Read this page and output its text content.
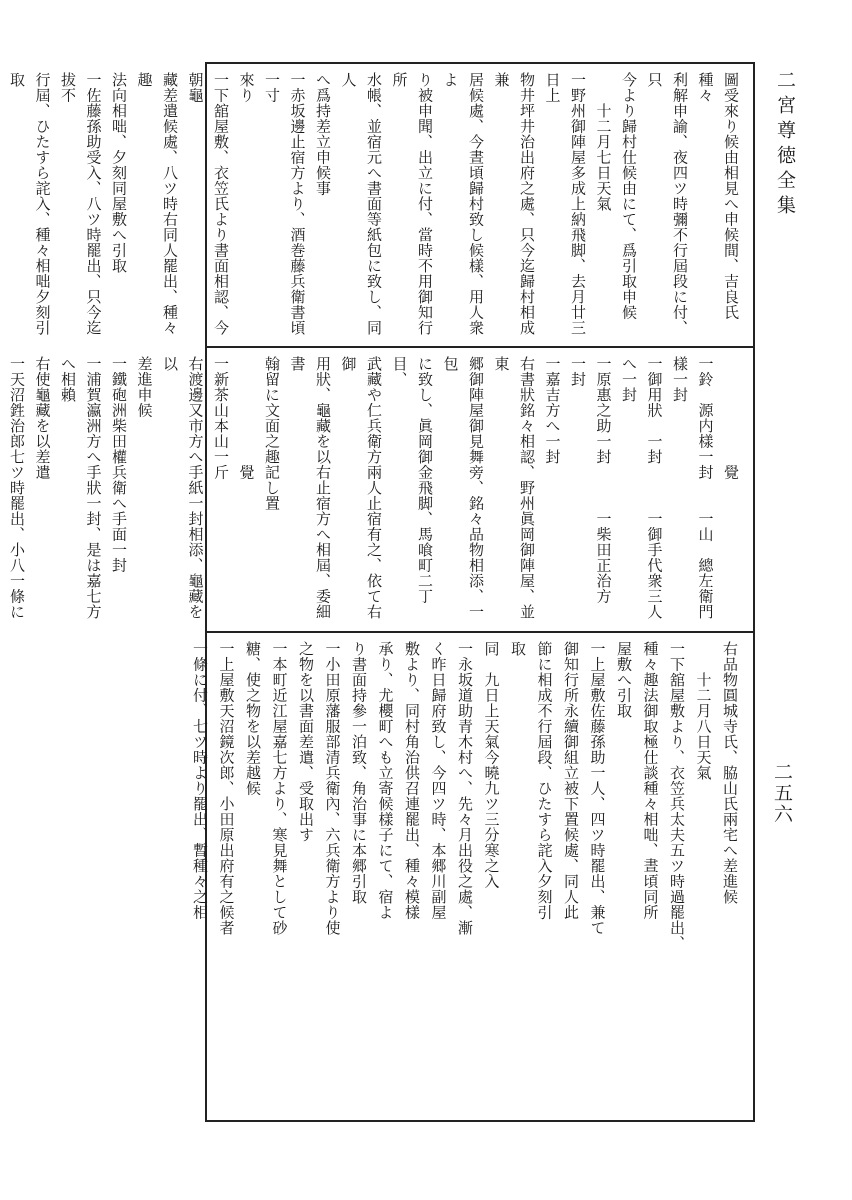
二宮尊徳全集
二五六
圖受來り候由相見へ申候間、吉良氏種々
利解申諭、夜四ツ時彌不行屆段に付、只
今より歸村仕候由にて、爲引取申候
　　十二月七日天氣
一野州御陣屋多成上納飛脚、去月廿三日上
物井坪井治出府之處、只今迄歸村相成兼
居候處、今晝頃歸村致し候樣、用人衆よ
り被申聞、出立に付、當時不用御知行所
水帳、並宿元へ書面等紙包に致し、同人
へ爲持差立申候事
一赤坂邊止宿方より、酒巻藤兵衛書頃一寸
來り
一下舘屋敷、衣笠氏より書面相認、今朝龜
藏差遣候處、八ツ時右同人罷出、種々趣
法向相咄、夕刻同屋敷へ引取
一佐藤孫助受入、八ツ時罷出、只今迄拔不
行屆、ひたすら詫入、種々相咄夕刻引取
　　　　　　　覺
一鈴　源内樣一封　　一山　總左衛門樣一封
一御用狀　一封　　　一御手代衆三人へ一封
一原惠之助一封　　　一柴田正治方　　一封
一嘉吉方へ一封
右書狀銘々相認、野州眞岡御陣屋、並東
郷御陣屋御見舞旁、銘々品物相添、一包
に致し、眞岡御金飛脚、馬喰町二丁目、
武藏や仁兵衛方兩人止宿有之、依て右御
用狀、龜藏を以右止宿方へ相屆、委細書
翰留に文面之趣記し置
　　　　　　　覺
一新茶山本山一斤
右渡邊又市方へ手紙一封相添、龜藏を以
差進申候
一鐵砲洲柴田權兵衛へ手面一封
一浦賀瀛洲方へ手狀一封、是は嘉七方へ相賴
右使龜藏を以差遣
一天沼鉎治郎七ツ時罷出、小八一條に
右品物圓城寺氏、脇山氏兩宅へ差進候
　　十二月八日天氣
一下舘屋敷より、衣笠兵太夫五ツ時過罷出、
種々趣法御取極仕談種々相咄、晝頃同所
屋敷へ引取
一上屋敷佐藤孫助一人、四ツ時罷出、兼て
御知行所永續御組立被下置候處、同人此
節に相成不行屆段、ひたすら詫入夕刻引
取
同　九日上天氣今曉九ツ三分寒之入
一永坂道助青木村へ、先々月出役之處、漸
く昨日歸府致し、今四ツ時、本郷川副屋
敷より、同村角治供召連罷出、種々模樣
承り、尤櫻町へも立寄候樣子にて、宿よ
り書面持參一泊致、角治事に本郷引取
一小田原藩服部清兵衛內、六兵衛方より使
之物を以書面差遣、受取出す
一本町近江屋嘉七方より、寒見舞として砂
糖、使之物を以差越候
一上屋敷天沼鏡次郎、小田原出府有之候者
一條に付、七ツ時より罷出、暫種々之相
